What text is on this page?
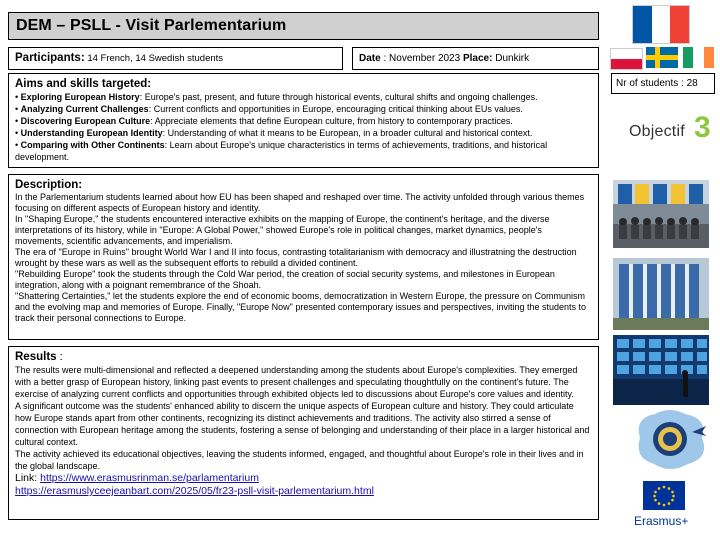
DEM – PSLL - Visit Parlementarium
Participants: 14 French, 14 Swedish students	Date : November 2023 Place: Dunkirk
Aims and skills targeted:
• Exploring European History: Europe's past, present, and future through historical events, cultural shifts and ongoing challenges.
• Analyzing Current Challenges: Current conflicts and opportunities in Europe, encouraging critical thinking about EUs values.
• Discovering European Culture: Appreciate elements that define European culture, from history to contemporary practices.
• Understanding European Identity: Understanding of what it means to be European, in a broader cultural and historical context.
• Comparing with Other Continents: Learn about Europe's unique characteristics in terms of achievements, traditions, and historical development.
Description:

In the Parlementarium students learned about how EU has been shaped and reshaped over time. The activity unfolded through various themes focusing on different aspects of European history and identity.

In "Shaping Europe," the students encountered interactive exhibits on the mapping of Europe, the continent's heritage, and the diverse interpretations of its history, while in "Europe: A Global Power," showed Europe's role in political changes, market dynamics, people's movements, scientific advancements, and imperialism.

The era of "Europe in Ruins" brought World War I and II into focus, contrasting totalitarianism with democracy and illustratning the destruction wrought by these wars as well as the subsequent efforts to rebuild a divided continent.

"Rebuilding Europe" took the students through the Cold War period, the creation of social security systems, and milestones in European integration, along with a poignant remembrance of the Shoah.

"Shattering Certainties," let the students explore the end of economic booms, democratization in Western Europe, the pressure on Communism and the evolving map and memories of Europe. Finally, "Europe Now" presented contemporary issues and perspectives, inviting the students to track their personal connections to Europe.

Results :

The results were multi-dimensional and reflected a deepened understanding among the students about Europe's complexities. They emerged with a better grasp of European history, linking past events to present challenges and speculating thoughtfully on the continent's future. The exercise of analyzing current conflicts and opportunities through exhibited objects led to discussions about Europe's core values and identity.

A significant outcome was the students' enhanced ability to discern the unique aspects of European culture and history. They could articulate how Europe stands apart from other continents, recognizing its distinct achievements and traditions. The activity also stirred a sense of connection with European heritage among the students, fostering a sense of belonging and understanding of their place in a larger historical and cultural context.

The activity achieved its educational objectives, leaving the students informed, engaged, and thoughtful about Europe's role in their lives and in the global landscape.

Link: https://www.erasmusrinman.se/parlamentarium
https://erasmuslyceejeanbart.com/2025/05/fr23-psll-visit-parlementarium.html
Nr of students : 28
Objectif 3
Erasmus+
